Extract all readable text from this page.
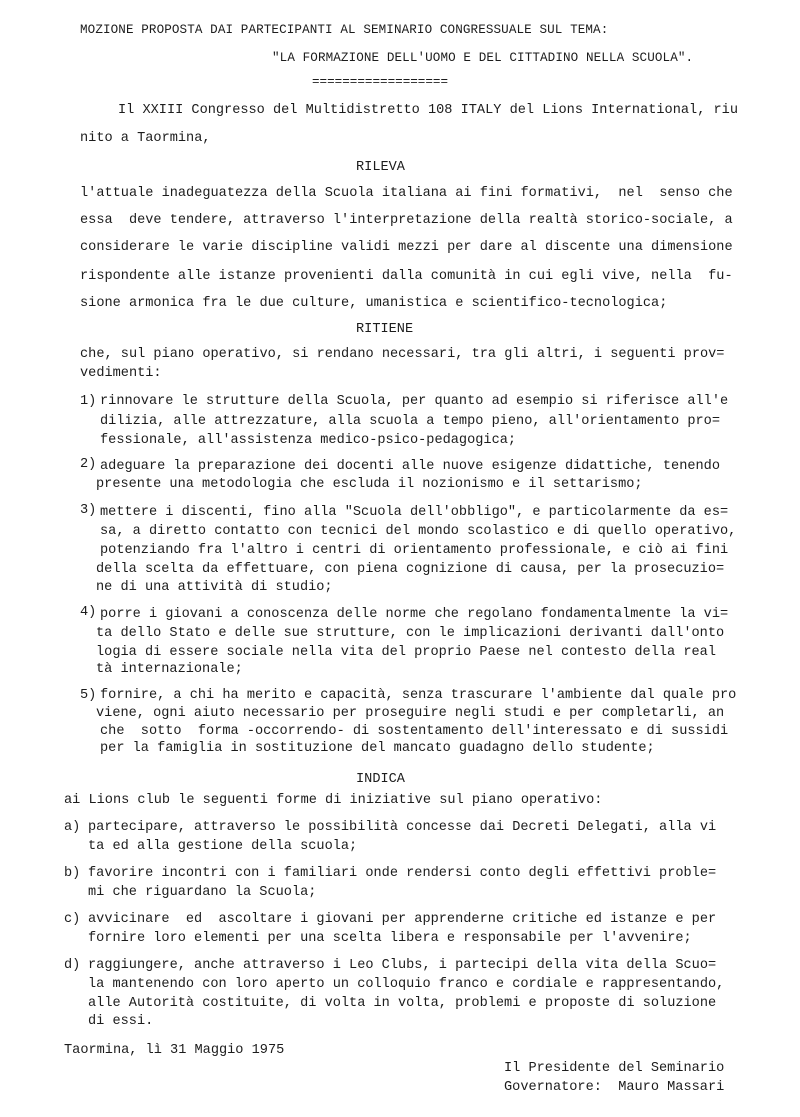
MOZIONE PROPOSTA DAI PARTECIPANTI AL SEMINARIO CONGRESSUALE SUL TEMA:
"LA FORMAZIONE DELL'UOMO E DEL CITTADINO NELLA SCUOLA".
==================
Il XXIII Congresso del Multidistretto 108 ITALY del Lions International, riu
nito a Taormina,
RILEVA
l'attuale inadeguatezza della Scuola italiana ai fini formativi,  nel  senso che
essa  deve tendere, attraverso l'interpretazione della realtà storico-sociale, a
considerare le varie discipline validi mezzi per dare al discente una dimensione
rispondente alle istanze provenienti dalla comunità in cui egli vive, nella  fu-
sione armonica fra le due culture, umanistica e scientifico-tecnologica;
RITIENE
che, sul piano operativo, si rendano necessari, tra gli altri, i seguenti prov=
vedimenti:
1) rinnovare le strutture della Scuola, per quanto ad esempio si riferisce all'e
dilizia, alle attrezzature, alla scuola a tempo pieno, all'orientamento pro=
fessionale, all'assistenza medico-psico-pedagogica;
2) adeguare la preparazione dei docenti alle nuove esigenze didattiche, tenendo
presente una metodologia che escluda il nozionismo e il settarismo;
3) mettere i discenti, fino alla "Scuola dell'obbligo", e particolarmente da es=
sa, a diretto contatto con tecnici del mondo scolastico e di quello operativo,
potenziando fra l'altro i centri di orientamento professionale, e ciò ai fini
della scelta da effettuare, con piena cognizione di causa, per la prosecuzio=
ne di una attività di studio;
4) porre i giovani a conoscenza delle norme che regolano fondamentalmente la vi=
ta dello Stato e delle sue strutture, con le implicazioni derivanti dall'onto
logia di essere sociale nella vita del proprio Paese nel contesto della real
tà internazionale;
5) fornire, a chi ha merito e capacità, senza trascurare l'ambiente dal quale pro
viene, ogni aiuto necessario per proseguire negli studi e per completarli, an
che  sotto  forma -occorrendo- di sostentamento dell'interessato e di sussidi
per la famiglia in sostituzione del mancato guadagno dello studente;
INDICA
ai Lions club le seguenti forme di iniziative sul piano operativo:
a) partecipare, attraverso le possibilità concesse dai Decreti Delegati, alla vi
ta ed alla gestione della scuola;
b) favorire incontri con i familiari onde rendersi conto degli effettivi proble=
mi che riguardano la Scuola;
c) avvicinare  ed  ascoltare i giovani per apprenderne critiche ed istanze e per
fornire loro elementi per una scelta libera e responsabile per l'avvenire;
d) raggiungere, anche attraverso i Leo Clubs, i partecipi della vita della Scuo=
la mantenendo con loro aperto un colloquio franco e cordiale e rappresentando,
alle Autorità costituite, di volta in volta, problemi e proposte di soluzione
di essi.
Taormina, lì 31 Maggio 1975
Il Presidente del Seminario
Governatore:  Mauro Massari
